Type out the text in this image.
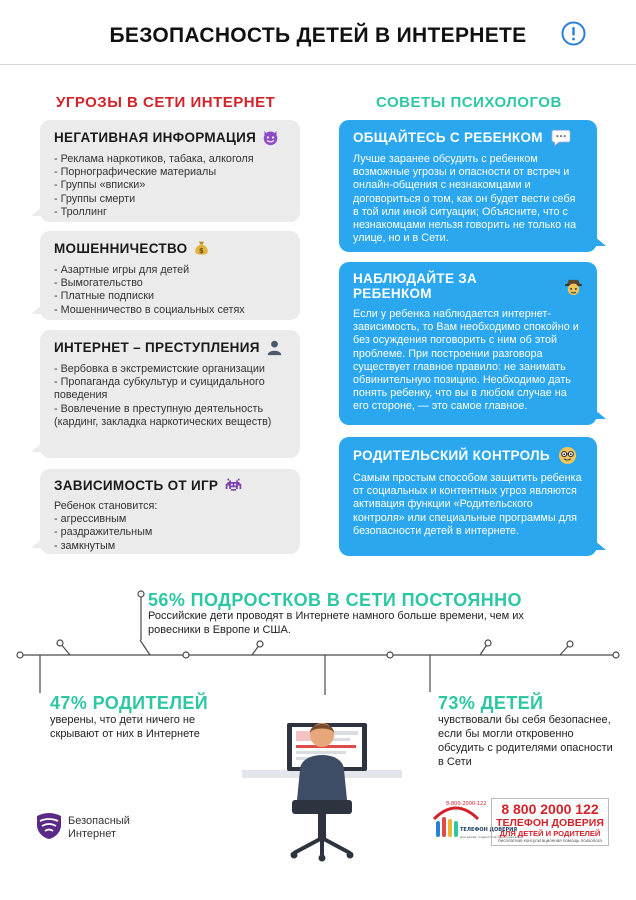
БЕЗОПАСНОСТЬ ДЕТЕЙ В ИНТЕРНЕТЕ
УГРОЗЫ В СЕТИ ИНТЕРНЕТ	СОВЕТЫ ПСИХОЛОГОВ
НЕГАТИВНАЯ ИНФОРМАЦИЯ
- Реклама наркотиков, табака, алкоголя
- Порнографические материалы
- Группы «вписки»
- Группы смерти
- Троллинг
МОШЕННИЧЕСТВО $
- Азартные игры для детей
- Вымогательство
- Платные подписки
- Мошенничество в социальных сетях
ИНТЕРНЕТ – ПРЕСТУПЛЕНИЯ
- Вербовка в экстремистские организации
- Пропаганда субкультур и суицидального поведения
- Вовлечение в преступную деятельность (кардинг, закладка наркотических веществ)
ЗАВИСИМОСТЬ ОТ ИГР
Ребенок становится:
- агрессивным
- раздражительным
- замкнутым
ОБЩАЙТЕСЬ С РЕБЕНКОМ
Лучше заранее обсудить с ребенком возможные угрозы и опасности от встреч и онлайн-общения с незнакомцами и договориться о том, как он будет вести себя в той или иной ситуации; Объясните, что с незнакомцами нельзя говорить не только на улице, но и в Сети.
НАБЛЮДАЙТЕ ЗА РЕБЕНКОМ
Если у ребенка наблюдается интернет-зависимость, то Вам необходимо спокойно и без осуждения поговорить с ним об этой проблеме. При построении разговора существует главное правило: не занимать обвинительную позицию. Необходимо дать понять ребенку, что вы в любом случае на его стороне, — это самое главное.
РОДИТЕЛЬСКИЙ КОНТРОЛЬ
Самым простым способом защитить ребенка от социальных и контентных угроз являются активация функции «Родительского контроля» или специальные программы для безопасности детей в интернете.
56% ПОДРОСТКОВ В СЕТИ ПОСТОЯННО
Российские дети проводят в Интернете намного больше времени, чем их ровесники в Европе и США.
47% РОДИТЕЛЕЙ
уверены, что дети ничего не скрывают от них в Интернете
73% ДЕТЕЙ
чувствовали бы себя безопаснее, если бы могли откровенно обсудить с родителями опасности в Сети
Безопасный
Интернет
8-800-2000-122
ТЕЛЕФОН ДОВЕРИЯ
для детей, подростков и их родителей
8 800 2000 122
ТЕЛЕФОН ДОВЕРИЯ
ДЛЯ ДЕТЕЙ И РОДИТЕЛЕЙ
бесплатная консультационная помощь психолога
